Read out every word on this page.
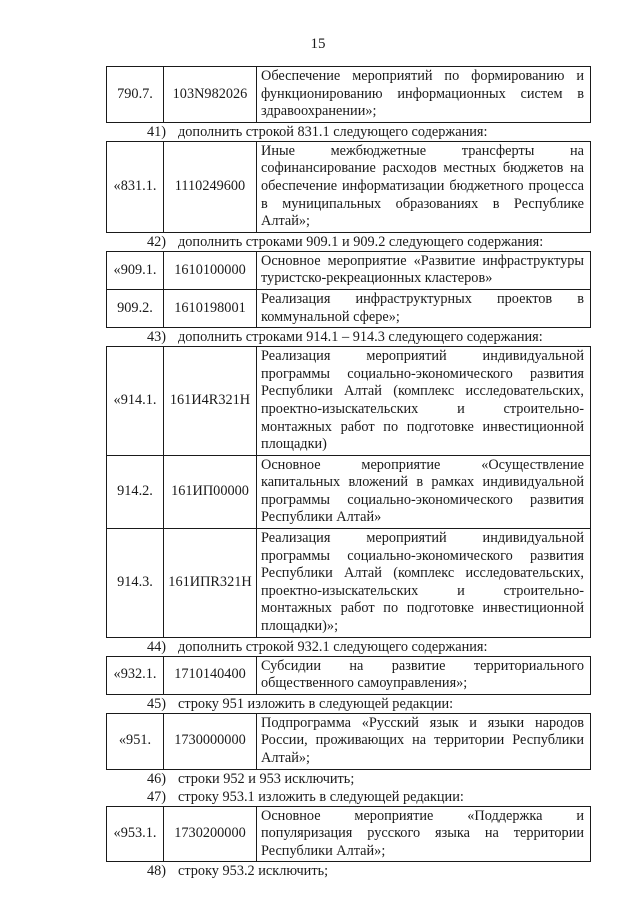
15
790.7.	103N982026	Обеспечение мероприятий по формированию и функционированию информационных систем в здравоохранении»;
41) дополнить строкой 831.1 следующего содержания:
«831.1.	1110249600	Иные межбюджетные трансферты на софинансирование расходов местных бюджетов на обеспечение информатизации бюджетного процесса в муниципальных образованиях в Республике Алтай»;
42) дополнить строками 909.1 и 909.2 следующего содержания:
«909.1.	1610100000	Основное мероприятие «Развитие инфраструктуры туристско-рекреационных кластеров»
909.2.	1610198001	Реализация инфраструктурных проектов в коммунальной сфере»;
43) дополнить строками 914.1 – 914.3 следующего содержания:
«914.1.	161И4R321Н	Реализация мероприятий индивидуальной программы социально-экономического развития Республики Алтай (комплекс исследовательских, проектно-изыскательских и строительно-монтажных работ по подготовке инвестиционной площадки)
914.2.	161ИП00000	Основное мероприятие «Осуществление капитальных вложений в рамках индивидуальной программы социально-экономического развития Республики Алтай»
914.3.	161ИПR321Н	Реализация мероприятий индивидуальной программы социально-экономического развития Республики Алтай (комплекс исследовательских, проектно-изыскательских и строительно-монтажных работ по подготовке инвестиционной площадки)»;
44) дополнить строкой 932.1 следующего содержания:
«932.1.	1710140400	Субсидии на развитие территориального общественного самоуправления»;
45) строку 951 изложить в следующей редакции:
«951.	1730000000	Подпрограмма «Русский язык и языки народов России, проживающих на территории Республики Алтай»;
46) строки 952 и 953 исключить;
47) строку 953.1 изложить в следующей редакции:
«953.1.	1730200000	Основное мероприятие «Поддержка и популяризация русского языка на территории Республики Алтай»;
48) строку 953.2 исключить;
